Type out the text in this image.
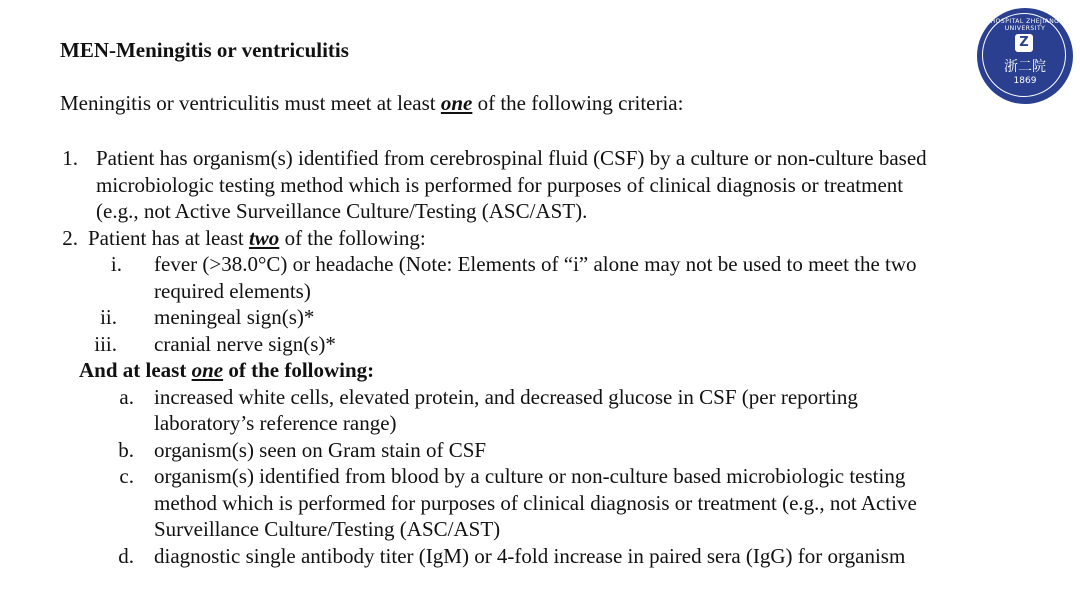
MEN-Meningitis or ventriculitis
Meningitis or ventriculitis must meet at least one of the following criteria:
1. Patient has organism(s) identified from cerebrospinal fluid (CSF) by a culture or non-culture based
microbiologic testing method which is performed for purposes of clinical diagnosis or treatment
(e.g., not Active Surveillance Culture/Testing (ASC/AST).
2. Patient has at least two of the following:
i. fever (>38.0°C) or headache (Note: Elements of “i” alone may not be used to meet the two
required elements)
ii. meningeal sign(s)*
iii. cranial nerve sign(s)*
And at least one of the following:
a. increased white cells, elevated protein, and decreased glucose in CSF (per reporting
laboratory’s reference range)
b. organism(s) seen on Gram stain of CSF
c. organism(s) identified from blood by a culture or non-culture based microbiologic testing
method which is performed for purposes of clinical diagnosis or treatment (e.g., not Active
Surveillance Culture/Testing (ASC/AST)
d. diagnostic single antibody titer (IgM) or 4-fold increase in paired sera (IgG) for organism
HOSPITAL ZHEJIANG UNIVERSITY
Z
浙二院
1869
